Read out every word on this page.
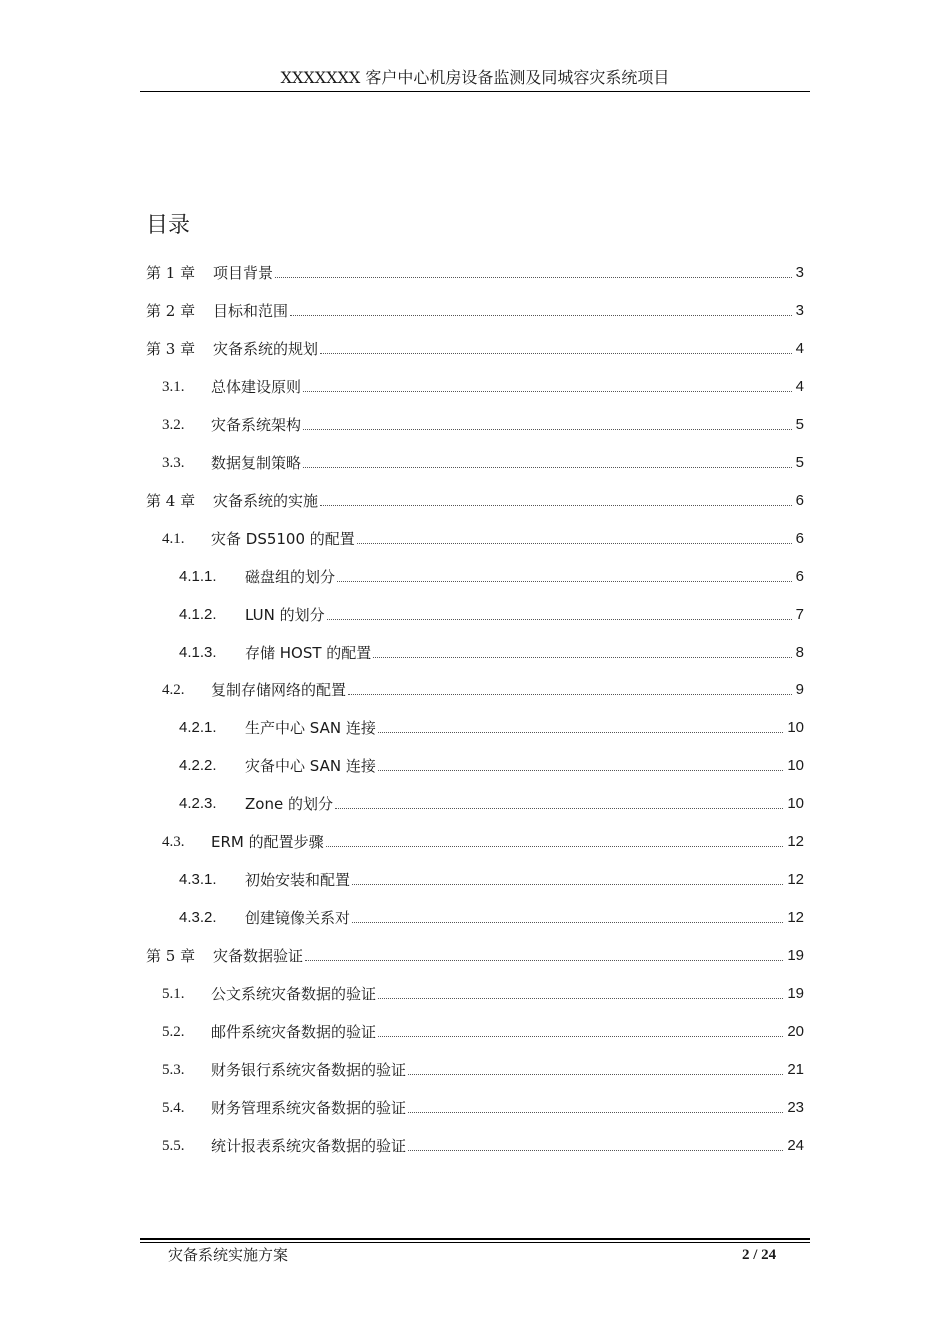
XXXXXXX 客户中心机房设备监测及同城容灾系统项目
目录
第 1 章 项目背景	3
第 2 章 目标和范围	3
第 3 章 灾备系统的规划	4
3.1. 总体建设原则	4
3.2. 灾备系统架构	5
3.3. 数据复制策略	5
第 4 章 灾备系统的实施	6
4.1. 灾备 DS5100 的配置	6
4.1.1. 磁盘组的划分	6
4.1.2. LUN 的划分	7
4.1.3. 存储 HOST 的配置	8
4.2. 复制存储网络的配置	9
4.2.1. 生产中心 SAN 连接	10
4.2.2. 灾备中心 SAN 连接	10
4.2.3. Zone 的划分	10
4.3. ERM 的配置步骤	12
4.3.1. 初始安装和配置	12
4.3.2. 创建镜像关系对	12
第 5 章 灾备数据验证	19
5.1. 公文系统灾备数据的验证	19
5.2. 邮件系统灾备数据的验证	20
5.3. 财务银行系统灾备数据的验证	21
5.4. 财务管理系统灾备数据的验证	23
5.5. 统计报表系统灾备数据的验证	24
灾备系统实施方案	2 / 24
